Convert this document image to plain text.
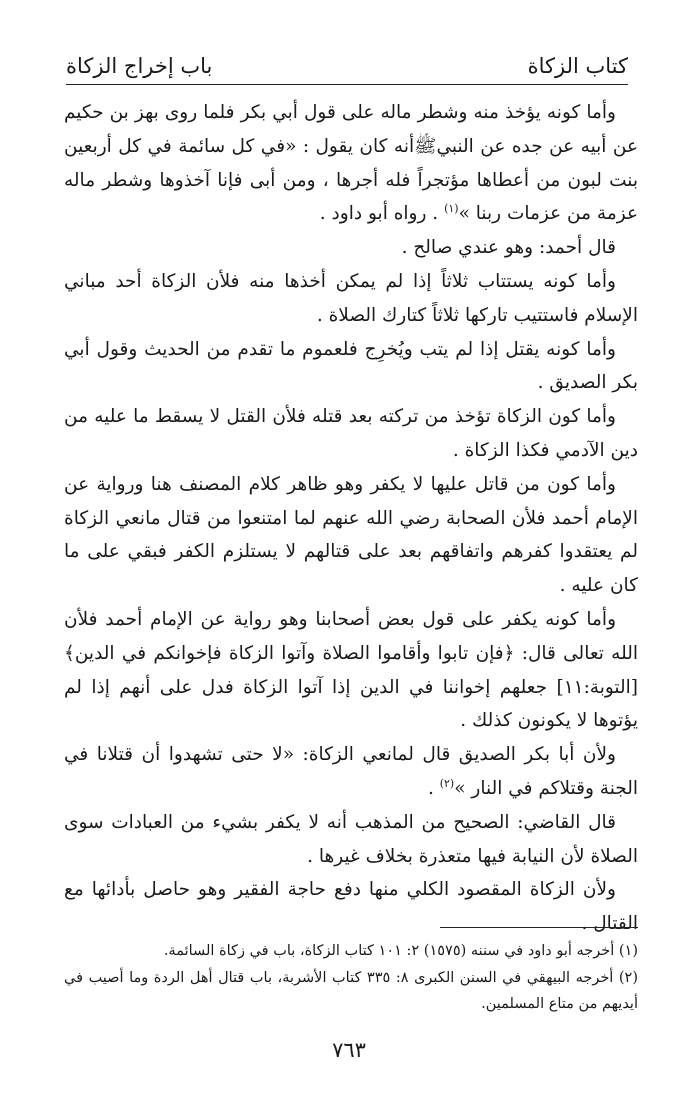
كتاب الزكاة
باب إخراج الزكاة

وأما كونه يؤخذ منه وشطر ماله على قول أبي بكر فلما روى بهز بن حكيم عن أبيه عن جده عن النبيﷺأنه كان يقول : «في كل سائمة في كل أربعين بنت لبون من أعطاها مؤتجراً فله أجرها ، ومن أبى فإنا آخذوها وشطر ماله عزمة من عزمات ربنا »$^{(١)}$ . رواه أبو داود .

قال أحمد: وهو عندي صالح .

وأما كونه يستتاب ثلاثاً إذا لم يمكن أخذها منه فلأن الزكاة أحد مباني الإسلام فاستتيب تاركها ثلاثاً كتارك الصلاة .

وأما كونه يقتل إذا لم يتب ويُخرِج فلعموم ما تقدم من الحديث وقول أبي بكر الصديق .

وأما كون الزكاة تؤخذ من تركته بعد قتله فلأن القتل لا يسقط ما عليه من دين الآدمي فكذا الزكاة .

وأما كون من قاتل عليها لا يكفر وهو ظاهر كلام المصنف هنا ورواية عن الإمام أحمد فلأن الصحابة رضي الله عنهم لما امتنعوا من قتال مانعي الزكاة لم يعتقدوا كفرهم واتفاقهم بعد على قتالهم لا يستلزم الكفر فبقي على ما كان عليه .

وأما كونه يكفر على قول بعض أصحابنا وهو رواية عن الإمام أحمد فلأن الله تعالى قال: ﴿فإن تابوا وأقاموا الصلاة وآتوا الزكاة فإخوانكم في الدين﴾[التوبة:١١] جعلهم إخواننا في الدين إذا آتوا الزكاة فدل على أنهم إذا لم يؤتوها لا يكونون كذلك .

ولأن أبا بكر الصديق قال لمانعي الزكاة: «لا حتى تشهدوا أن قتلانا في الجنة وقتلاكم في النار »$^{(٢)}$ .

قال القاضي: الصحيح من المذهب أنه لا يكفر بشيء من العبادات سوى الصلاة لأن النيابة فيها متعذرة بخلاف غيرها .

ولأن الزكاة المقصود الكلي منها دفع حاجة الفقير وهو حاصل بأدائها مع القتال .

(١) أخرجه أبو داود في سننه (١٥٧٥) ٢: ١٠١ كتاب الزكاة، باب في زكاة السائمة.

(٢) أخرجه البيهقي في السنن الكبرى ٨: ٣٣٥ كتاب الأشربة، باب قتال أهل الردة وما أصيب في أيديهم من متاع المسلمين.

٧٦٣
